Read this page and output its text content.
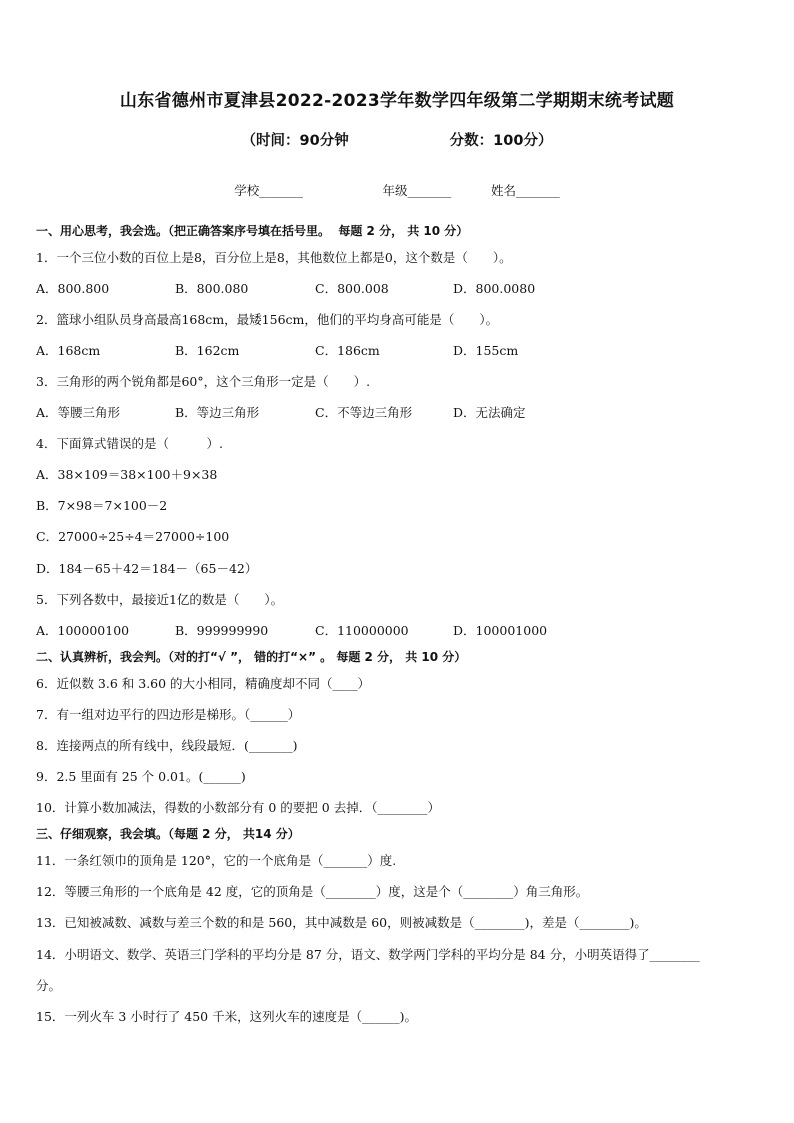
山东省德州市夏津县2022-2023学年数学四年级第二学期期末统考试题
（时间：90分钟                    分数：100分）
学校_______                    年级_______          姓名_______
一、用心思考，我会选。（把正确答案序号填在括号里。  每题 2 分， 共 10 分）
1．一个三位小数的百位上是8，百分位上是8，其他数位上都是0，这个数是（　　）。
A．800.800	B．800.080	C．800.008	D．800.0080
2．篮球小组队员身高最高168cm，最矮156cm，他们的平均身高可能是（　　）。
A．168cm	B．162cm	C．186cm	D．155cm
3．三角形的两个锐角都是60°，这个三角形一定是（　　）.
A．等腰三角形	B．等边三角形	C．不等边三角形	D．无法确定
4．下面算式错误的是（　　　）.
A．38×109＝38×100＋9×38
B．7×98＝7×100－2
C．27000÷25÷4＝27000÷100
D．184－65＋42＝184－（65－42）
5．下列各数中，最接近1亿的数是（　　）。
A．100000100	B．999999990	C．110000000	D．100001000
二、认真辨析，我会判。（对的打“√ ”， 错的打“×” 。 每题 2 分， 共 10 分）
6．近似数 3.6 和 3.60 的大小相同，精确度却不同（____）
7．有一组对边平行的四边形是梯形。（______）
8．连接两点的所有线中，线段最短．(_______)
9．2.5 里面有 25 个 0.01。(______)
10．计算小数加减法，得数的小数部分有 0 的要把 0 去掉．（________）
三、仔细观察，我会填。（每题 2 分， 共14 分）
11．一条红领巾的顶角是 120°，它的一个底角是（_______）度.
12．等腰三角形的一个底角是 42 度，它的顶角是（________）度，这是个（________）角三角形。
13．已知被减数、减数与差三个数的和是 560，其中减数是 60，则被减数是（________)，差是（________)。
14．小明语文、数学、英语三门学科的平均分是 87 分，语文、数学两门学科的平均分是 84 分，小明英语得了________
分。
15．一列火车 3 小时行了 450 千米，这列火车的速度是（______)。
